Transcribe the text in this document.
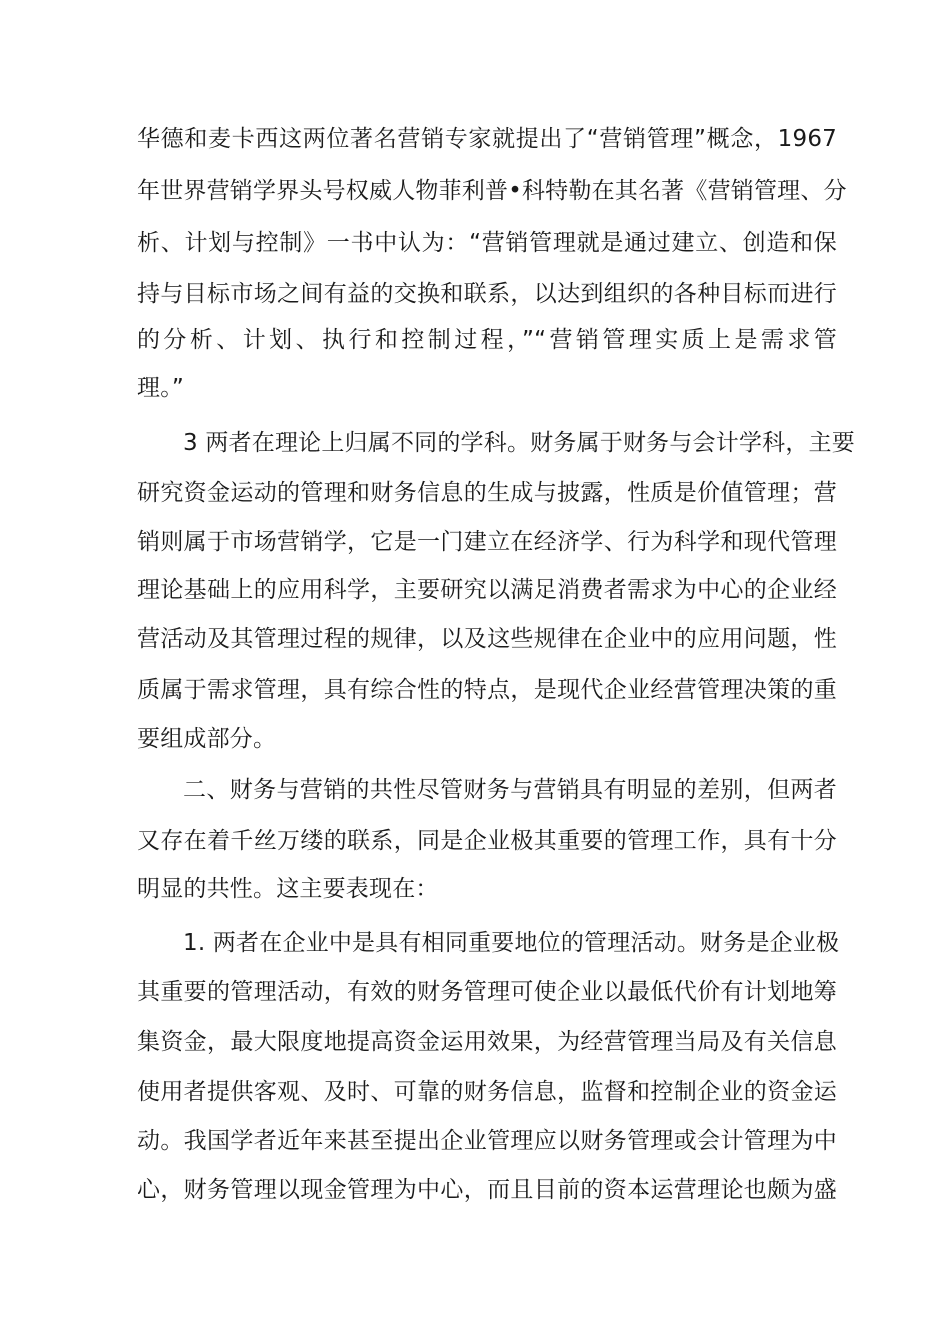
华德和麦卡西这两位著名营销专家就提出了“营销管理”概念，1967
年世界营销学界头号权威人物菲利普•科特勒在其名著《营销管理、分
析、计划与控制》一书中认为：“营销管理就是通过建立、创造和保
持与目标市场之间有益的交换和联系，以达到组织的各种目标而进行
的分析、计划、执行和控制过程，”“营销管理实质上是需求管
理。”
3 两者在理论上归属不同的学科。财务属于财务与会计学科，主要
研究资金运动的管理和财务信息的生成与披露，性质是价值管理；营
销则属于市场营销学，它是一门建立在经济学、行为科学和现代管理
理论基础上的应用科学，主要研究以满足消费者需求为中心的企业经
营活动及其管理过程的规律，以及这些规律在企业中的应用问题，性
质属于需求管理，具有综合性的特点，是现代企业经营管理决策的重
要组成部分。
二、财务与营销的共性尽管财务与营销具有明显的差别，但两者
又存在着千丝万缕的联系，同是企业极其重要的管理工作，具有十分
明显的共性。这主要表现在：
1. 两者在企业中是具有相同重要地位的管理活动。财务是企业极
其重要的管理活动，有效的财务管理可使企业以最低代价有计划地筹
集资金，最大限度地提高资金运用效果，为经营管理当局及有关信息
使用者提供客观、及时、可靠的财务信息，监督和控制企业的资金运
动。我国学者近年来甚至提出企业管理应以财务管理或会计管理为中
心，财务管理以现金管理为中心，而且目前的资本运营理论也颇为盛
